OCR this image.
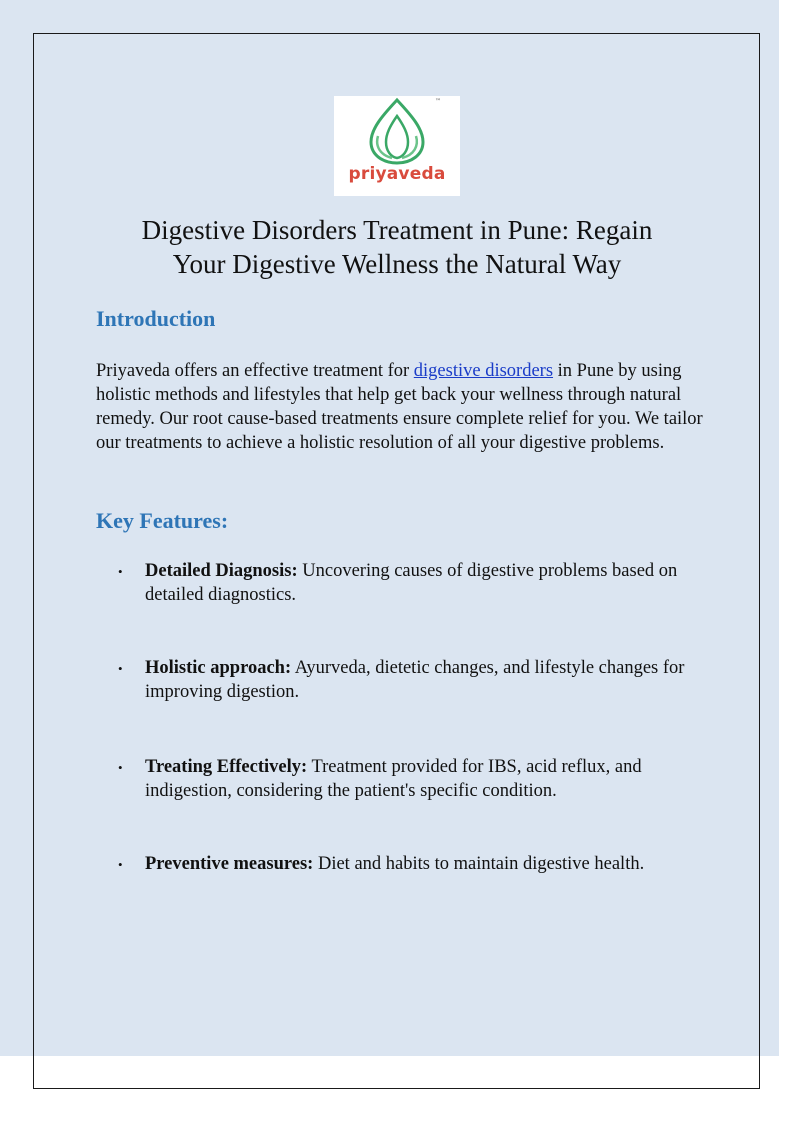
™
priyaveda
Digestive Disorders Treatment in Pune: Regain
Your Digestive Wellness the Natural Way
Introduction

Priyaveda offers an effective treatment for digestive disorders in Pune by using holistic methods and lifestyles that help get back your wellness through natural remedy. Our root cause-based treatments ensure complete relief for you. We tailor our treatments to achieve a holistic resolution of all your digestive problems.

Key Features:
• Detailed Diagnosis: Uncovering causes of digestive problems based on detailed diagnostics.
• Holistic approach: Ayurveda, dietetic changes, and lifestyle changes for improving digestion.
• Treating Effectively: Treatment provided for IBS, acid reflux, and indigestion, considering the patient's specific condition.
• Preventive measures: Diet and habits to maintain digestive health.
